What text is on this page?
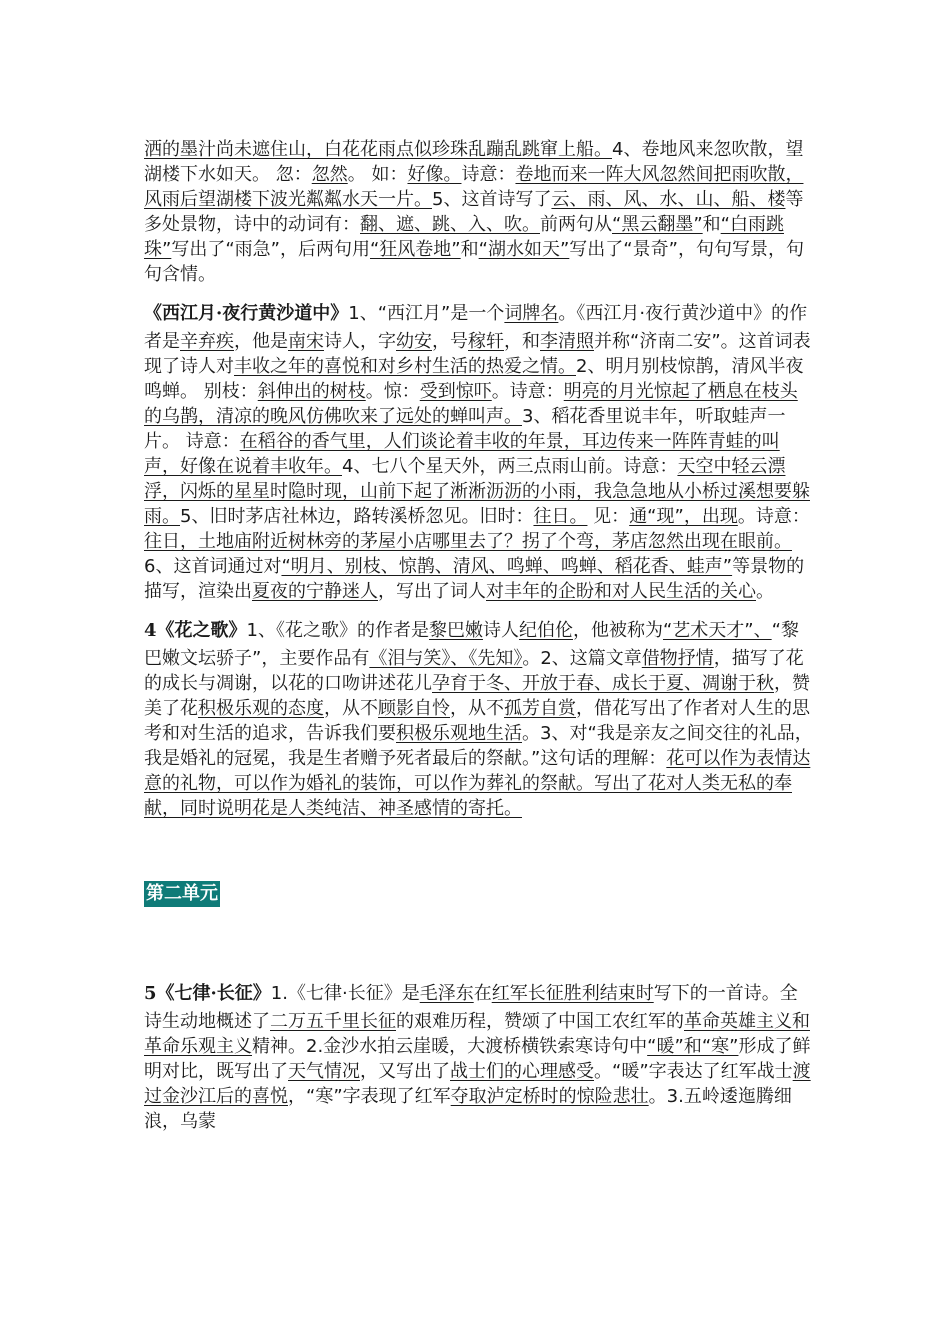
洒的墨汁尚未遮住山，白花花雨点似珍珠乱蹦乱跳窜上船。4、卷地风来忽吹散，望湖楼下水如天。 忽：忽然。 如：好像。诗意：卷地而来一阵大风忽然间把雨吹散，风雨后望湖楼下波光粼粼水天一片。5、这首诗写了云、雨、风、水、山、船、楼等多处景物，诗中的动词有：翻、遮、跳、入、吹。前两句从“黑云翻墨”和“白雨跳珠”写出了“雨急”，后两句用“狂风卷地”和“湖水如天”写出了“景奇”，句句写景，句句含情。

《西江月·夜行黄沙道中》1、“西江月”是一个词牌名。《西江月·夜行黄沙道中》的作者是辛弃疾，他是南宋诗人，字幼安，号稼轩，和李清照并称“济南二安”。这首词表现了诗人对丰收之年的喜悦和对乡村生活的热爱之情。2、明月别枝惊鹊，清风半夜鸣蝉。 别枝：斜伸出的树枝。惊：受到惊吓。诗意：明亮的月光惊起了栖息在枝头的乌鹊，清凉的晚风仿佛吹来了远处的蝉叫声。3、稻花香里说丰年，听取蛙声一片。 诗意：在稻谷的香气里，人们谈论着丰收的年景，耳边传来一阵阵青蛙的叫声，好像在说着丰收年。4、七八个星天外，两三点雨山前。诗意：天空中轻云漂浮，闪烁的星星时隐时现，山前下起了淅淅沥沥的小雨，我急急地从小桥过溪想要躲雨。5、旧时茅店社林边，路转溪桥忽见。旧时：往日。 见：通“现”，出现。诗意：往日，土地庙附近树林旁的茅屋小店哪里去了？拐了个弯，茅店忽然出现在眼前。6、这首词通过对“明月、别枝、惊鹊、清风、鸣蝉、鸣蝉、稻花香、蛙声”等景物的描写，渲染出夏夜的宁静迷人，写出了词人对丰年的企盼和对人民生活的关心。

4《花之歌》1、《花之歌》的作者是黎巴嫩诗人纪伯伦，他被称为“艺术天才”、“黎巴嫩文坛骄子”，主要作品有《泪与笑》、《先知》。2、这篇文章借物抒情，描写了花的成长与凋谢，以花的口吻讲述花儿孕育于冬、开放于春、成长于夏、凋谢于秋，赞美了花积极乐观的态度，从不顾影自怜，从不孤芳自赏，借花写出了作者对人生的思考和对生活的追求，告诉我们要积极乐观地生活。3、对“我是亲友之间交往的礼品，我是婚礼的冠冕，我是生者赠予死者最后的祭献。”这句话的理解：花可以作为表情达意的礼物，可以作为婚礼的装饰，可以作为葬礼的祭献。写出了花对人类无私的奉献，同时说明花是人类纯洁、神圣感情的寄托。

第二单元

5《七律·长征》1.《七律·长征》是毛泽东在红军长征胜利结束时写下的一首诗。全诗生动地概述了二万五千里长征的艰难历程，赞颂了中国工农红军的革命英雄主义和革命乐观主义精神。2.金沙水拍云崖暖，大渡桥横铁索寒诗句中“暖”和“寒”形成了鲜明对比，既写出了天气情况，又写出了战士们的心理感受。“暖”字表达了红军战士渡过金沙江后的喜悦，“寒”字表现了红军夺取泸定桥时的惊险悲壮。3.五岭逶迤腾细浪，乌蒙
